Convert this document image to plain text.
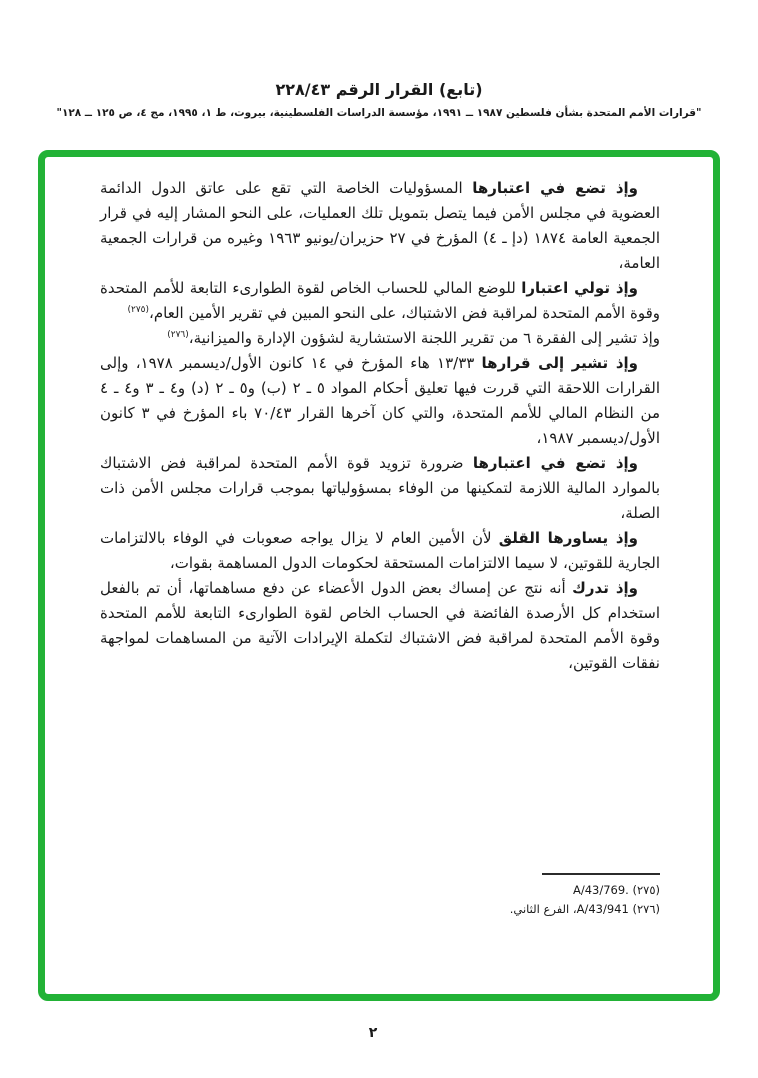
(تابع) القرار الرقم ٢٢٨/٤٣
"قرارات الأمم المتحدة بشأن فلسطين ١٩٨٧ ــ ١٩٩١، مؤسسة الدراسات الفلسطينية، بيروت، ط ١، ١٩٩٥، مج ٤، ص ١٢٥ ــ ١٢٨"

وإذ تضع في اعتبارها المسؤوليات الخاصة التي تقع على عاتق الدول الدائمة العضوية في مجلس الأمن فيما يتصل بتمويل تلك العمليات، على النحو المشار إليه في قرار الجمعية العامة ١٨٧٤ (دإ ـ ٤) المؤرخ في ٢٧ حزيران/يونيو ١٩٦٣ وغيره من قرارات الجمعية العامة،

وإذ تولي اعتبارا للوضع المالي للحساب الخاص لقوة الطوارىء التابعة للأمم المتحدة وقوة الأمم المتحدة لمراقبة فض الاشتباك، على النحو المبين في تقرير الأمين العام،$^{(٢٧٥)}$

وإذ تشير إلى الفقرة ٦ من تقرير اللجنة الاستشارية لشؤون الإدارة والميزانية،$^{(٢٧٦)}$

وإذ تشير إلى قرارها ١٣/٣٣ هاء المؤرخ في ١٤ كانون الأول/ديسمبر ١٩٧٨، وإلى القرارات اللاحقة التي قررت فيها تعليق أحكام المواد ٥ ـ ٢ (ب) و٥ ـ ٢ (د) و٤ ـ ٣ و٤ ـ ٤ من النظام المالي للأمم المتحدة، والتي كان آخرها القرار ٧٠/٤٣ باء المؤرخ في ٣ كانون الأول/ديسمبر ١٩٨٧،

وإذ تضع في اعتبارها ضرورة تزويد قوة الأمم المتحدة لمراقبة فض الاشتباك بالموارد المالية اللازمة لتمكينها من الوفاء بمسؤولياتها بموجب قرارات مجلس الأمن ذات الصلة،

وإذ يساورها القلق لأن الأمين العام لا يزال يواجه صعوبات في الوفاء بالالتزامات الجارية للقوتين، لا سيما الالتزامات المستحقة لحكومات الدول المساهمة بقوات،

وإذ تدرك أنه نتج عن إمساك بعض الدول الأعضاء عن دفع مساهماتها، أن تم بالفعل استخدام كل الأرصدة الفائضة في الحساب الخاص لقوة الطوارىء التابعة للأمم المتحدة وقوة الأمم المتحدة لمراقبة فض الاشتباك لتكملة الإيرادات الآتية من المساهمات لمواجهة نفقات القوتين،

(٢٧٥) A/43/769.
(٢٧٦) A/43/941، الفرع الثاني.
٢
